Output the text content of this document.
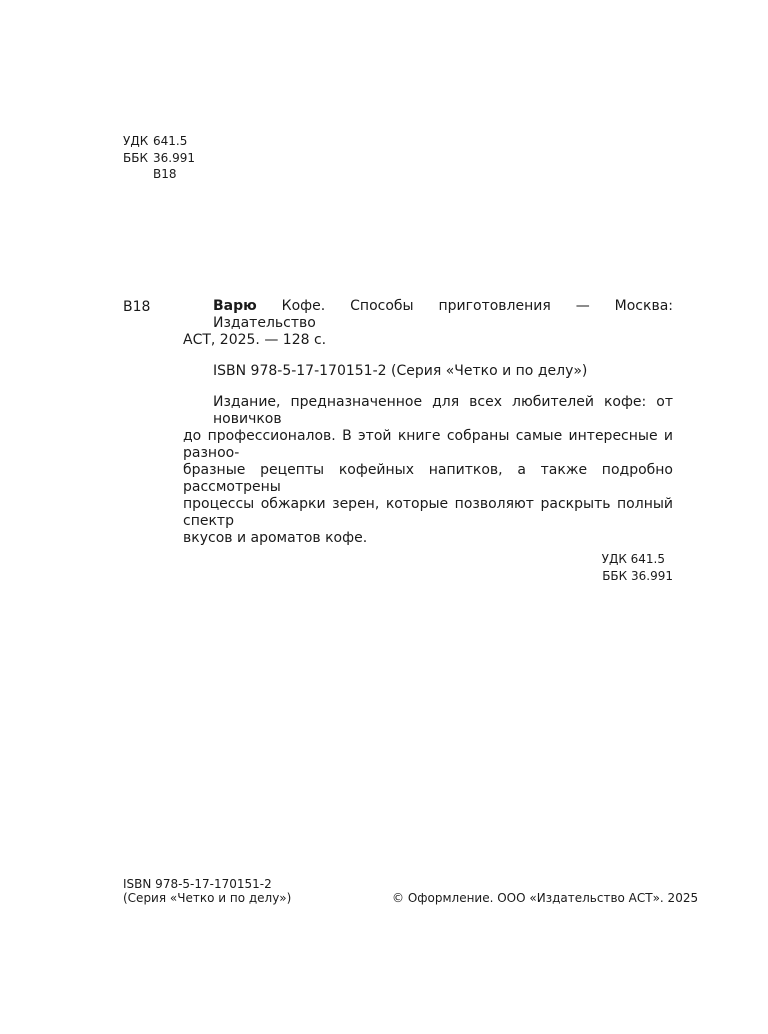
УДК 641.5
ББК 36.991
В18
В18	Варю Кофе. Способы приготовления — Москва: Издательство
АСТ, 2025. — 128 с.

ISBN 978-5-17-170151-2 (Серия «Четко и по делу»)

Издание, предназначенное для всех любителей кофе: от новичков
до профессионалов. В этой книге собраны самые интересные и разноо-
бразные рецепты кофейных напитков, а также подробно рассмотрены
процессы обжарки зерен, которые позволяют раскрыть полный спектр
вкусов и ароматов кофе.
УДК 641.5
ББК 36.991
ISBN 978-5-17-170151-2
(Серия «Четко и по делу»)	© Оформление. ООО «Издательство АСТ». 2025
